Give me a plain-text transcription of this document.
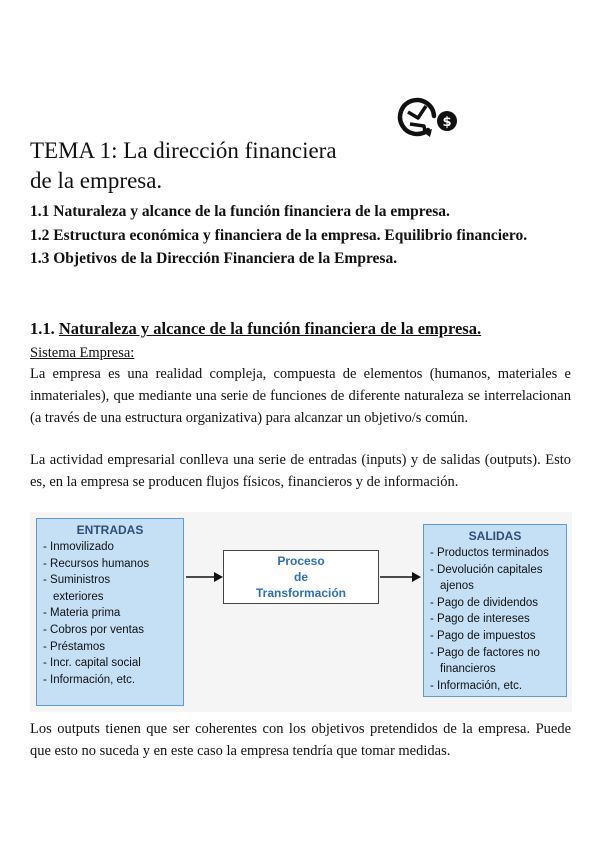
$
TEMA 1: La dirección financiera
de la empresa.

1.1 Naturaleza y alcance de la función financiera de la empresa.

1.2 Estructura económica y financiera de la empresa. Equilibrio financiero.

1.3 Objetivos de la Dirección Financiera de la Empresa.

1.1. Naturaleza y alcance de la función financiera de la empresa.

Sistema Empresa:

La empresa es una realidad compleja, compuesta de elementos (humanos, materiales e inmateriales), que mediante una serie de funciones de diferente naturaleza se interrelacionan (a través de una estructura organizativa) para alcanzar un objetivo/s común.

La actividad empresarial conlleva una serie de entradas (inputs) y de salidas (outputs). Esto es, en la empresa se producen flujos físicos, financieros y de información.

ENTRADAS
- Inmovilizado
- Recursos humanos
- Suministros
exteriores
- Materia prima
- Cobros por ventas
- Préstamos
- Incr. capital social
- Información, etc.
Proceso
de
Transformación
SALIDAS
- Productos terminados
- Devolución capitales
ajenos
- Pago de dividendos
- Pago de intereses
- Pago de impuestos
- Pago de factores no
financieros
- Información, etc.

Los outputs tienen que ser coherentes con los objetivos pretendidos de la empresa. Puede que esto no suceda y en este caso la empresa tendría que tomar medidas.
